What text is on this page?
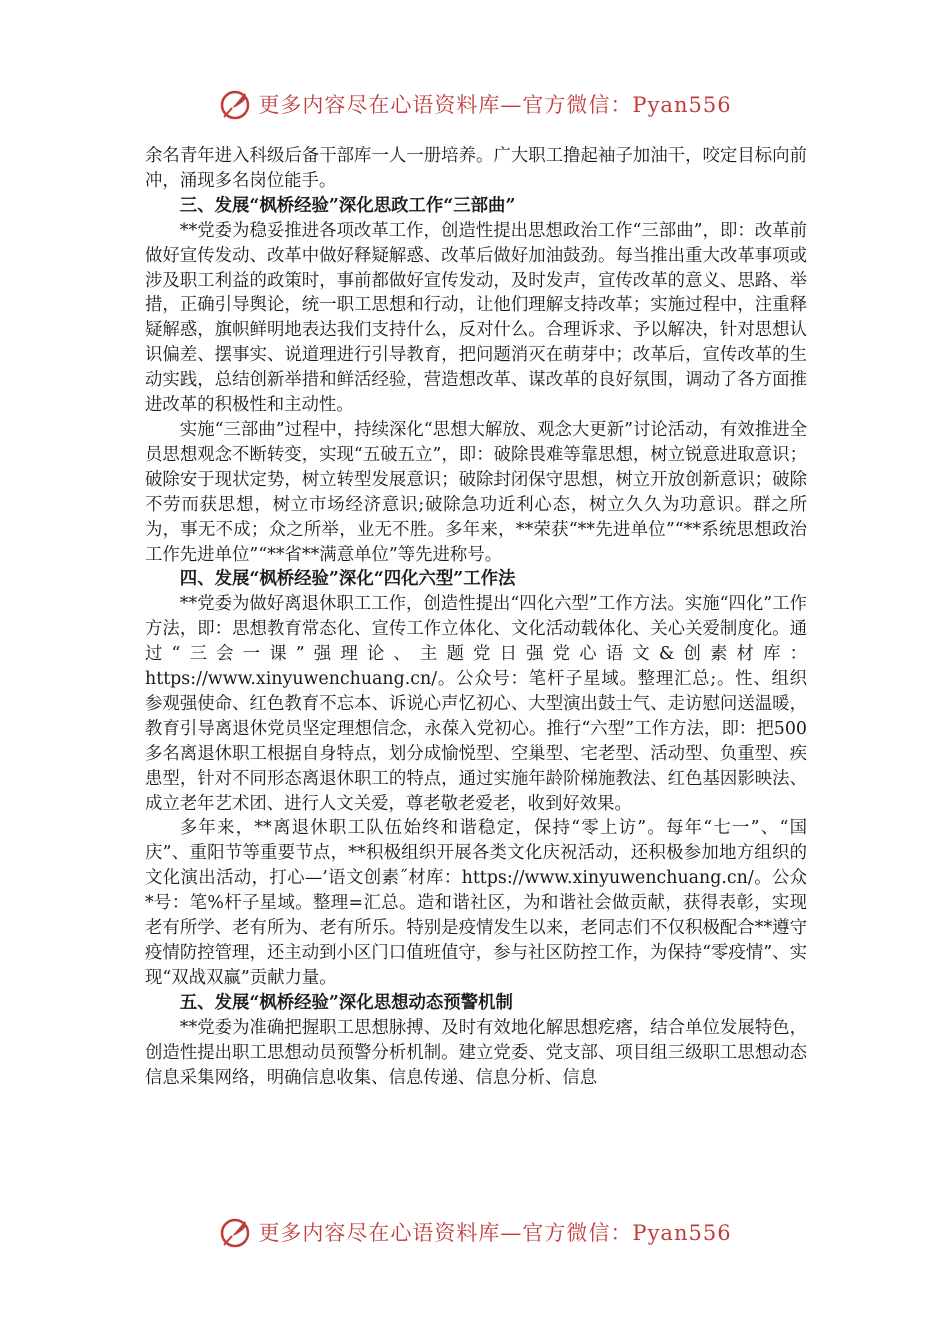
更多内容尽在心语资料库—官方微信：Pyan556

余名青年进入科级后备干部库一人一册培养。广大职工撸起袖子加油干，咬定目标向前冲，涌现多名岗位能手。

三、发展“枫桥经验”深化思政工作“三部曲”

**党委为稳妥推进各项改革工作，创造性提出思想政治工作“三部曲”，即：改革前做好宣传发动、改革中做好释疑解惑、改革后做好加油鼓劲。每当推出重大改革事项或涉及职工利益的政策时，事前都做好宣传发动，及时发声，宣传改革的意义、思路、举措，正确引导舆论，统一职工思想和行动，让他们理解支持改革；实施过程中，注重释疑解惑，旗帜鲜明地表达我们支持什么，反对什么。合理诉求、予以解决，针对思想认识偏差、摆事实、说道理进行引导教育，把问题消灭在萌芽中；改革后，宣传改革的生动实践，总结创新举措和鲜活经验，营造想改革、谋改革的良好氛围，调动了各方面推进改革的积极性和主动性。

实施“三部曲”过程中，持续深化“思想大解放、观念大更新”讨论活动，有效推进全员思想观念不断转变，实现“五破五立”，即：破除畏难等靠思想，树立锐意进取意识；破除安于现状定势，树立转型发展意识；破除封闭保守思想，树立开放创新意识；破除不劳而获思想，树立市场经济意识;破除急功近利心态，树立久久为功意识。群之所为，事无不成；众之所举，业无不胜。多年来，**荣获“**先进单位”“**系统思想政治工作先进单位”“**省**满意单位”等先进称号。

四、发展“枫桥经验”深化“四化六型”工作法

**党委为做好离退休职工工作，创造性提出“四化六型”工作方法。实施“四化”工作方法，即：思想教育常态化、宣传工作立体化、文化活动载体化、关心关爱制度化。通过“三会一课”强理论、主题党日强党心语文&创素材库：https://www.xinyuwenchuang.cn/。公众号：笔杆子星域。整理汇总;。性、组织参观强使命、红色教育不忘本、诉说心声忆初心、大型演出鼓士气、走访慰问送温暖，教育引导离退休党员坚定理想信念，永葆入党初心。推行“六型”工作方法，即：把500多名离退休职工根据自身特点，划分成愉悦型、空巢型、宅老型、活动型、负重型、疾患型，针对不同形态离退休职工的特点，通过实施年龄阶梯施教法、红色基因影映法、成立老年艺术团、进行人文关爱，尊老敬老爱老，收到好效果。

多年来，**离退休职工队伍始终和谐稳定，保持“零上访”。每年“七一”、“国庆”、重阳节等重要节点，**积极组织开展各类文化庆祝活动，还积极参加地方组织的文化演出活动，打心—’语文创素˝材库：https://www.xinyuwenchuang.cn/。公众*号：笔%杆子星域。整理=汇总。造和谐社区，为和谐社会做贡献，获得表彰，实现老有所学、老有所为、老有所乐。特别是疫情发生以来，老同志们不仅积极配合**遵守疫情防控管理，还主动到小区门口值班值守，参与社区防控工作，为保持“零疫情”、实现“双战双赢”贡献力量。

五、发展“枫桥经验”深化思想动态预警机制

**党委为准确把握职工思想脉搏、及时有效地化解思想疙瘩，结合单位发展特色，创造性提出职工思想动员预警分析机制。建立党委、党支部、项目组三级职工思想动态信息采集网络，明确信息收集、信息传递、信息分析、信息

更多内容尽在心语资料库—官方微信：Pyan556
